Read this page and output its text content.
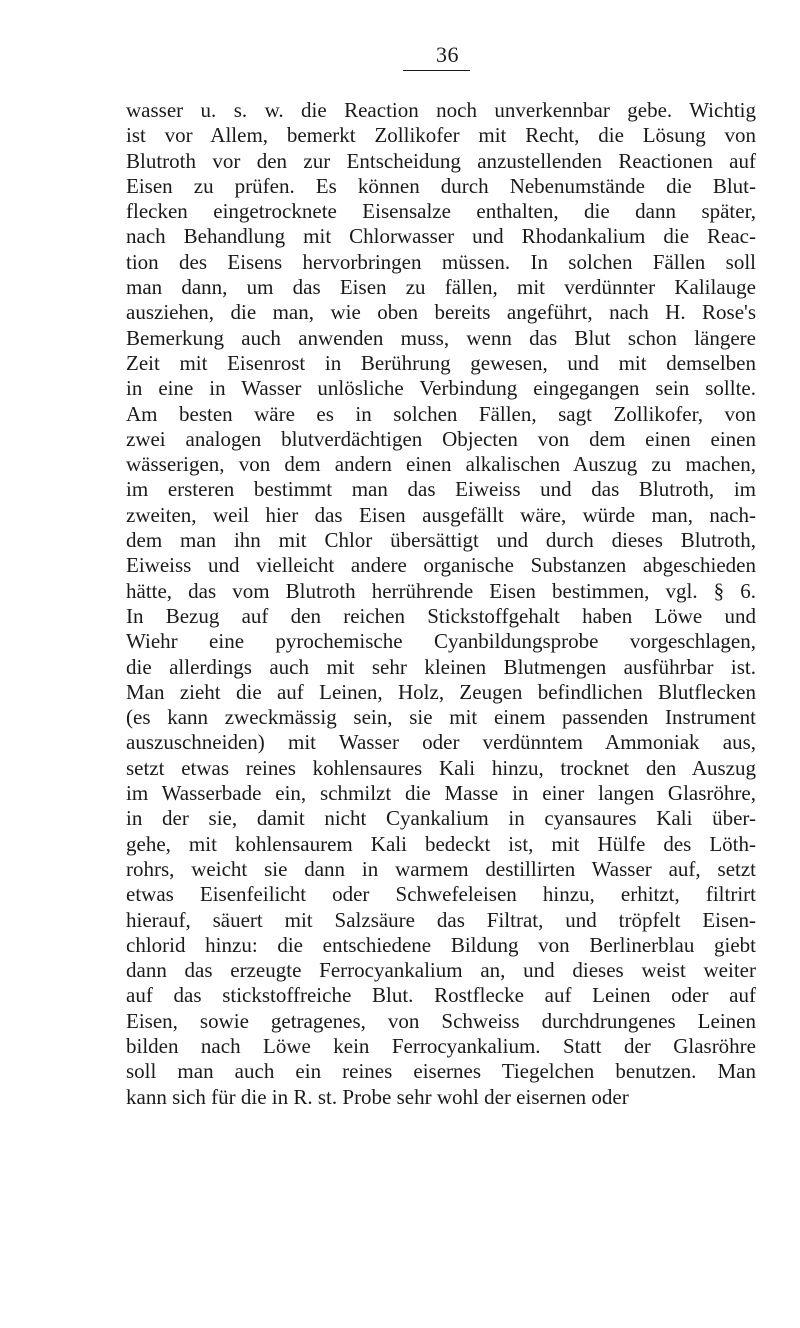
36
wasser u. s. w. die Reaction noch unverkennbar gebe. Wichtig
ist vor Allem, bemerkt Zollikofer mit Recht, die Lösung von
Blutroth vor den zur Entscheidung anzustellenden Reactionen auf
Eisen zu prüfen. Es können durch Nebenumstände die Blut-
flecken eingetrocknete Eisensalze enthalten, die dann später,
nach Behandlung mit Chlorwasser und Rhodankalium die Reac-
tion des Eisens hervorbringen müssen. In solchen Fällen soll
man dann, um das Eisen zu fällen, mit verdünnter Kalilauge
ausziehen, die man, wie oben bereits angeführt, nach H. Rose's
Bemerkung auch anwenden muss, wenn das Blut schon längere
Zeit mit Eisenrost in Berührung gewesen, und mit demselben
in eine in Wasser unlösliche Verbindung eingegangen sein sollte.
Am besten wäre es in solchen Fällen, sagt Zollikofer, von
zwei analogen blutverdächtigen Objecten von dem einen einen
wässerigen, von dem andern einen alkalischen Auszug zu machen,
im ersteren bestimmt man das Eiweiss und das Blutroth, im
zweiten, weil hier das Eisen ausgefällt wäre, würde man, nach-
dem man ihn mit Chlor übersättigt und durch dieses Blutroth,
Eiweiss und vielleicht andere organische Substanzen abgeschieden
hätte, das vom Blutroth herrührende Eisen bestimmen, vgl. § 6.
In Bezug auf den reichen Stickstoffgehalt haben Löwe und
Wiehr eine pyrochemische Cyanbildungsprobe vorgeschlagen,
die allerdings auch mit sehr kleinen Blutmengen ausführbar ist.
Man zieht die auf Leinen, Holz, Zeugen befindlichen Blutflecken
(es kann zweckmässig sein, sie mit einem passenden Instrument
auszuschneiden) mit Wasser oder verdünntem Ammoniak aus,
setzt etwas reines kohlensaures Kali hinzu, trocknet den Auszug
im Wasserbade ein, schmilzt die Masse in einer langen Glasröhre,
in der sie, damit nicht Cyankalium in cyansaures Kali über-
gehe, mit kohlensaurem Kali bedeckt ist, mit Hülfe des Löth-
rohrs, weicht sie dann in warmem destillirten Wasser auf, setzt
etwas Eisenfeilicht oder Schwefeleisen hinzu, erhitzt, filtrirt
hierauf, säuert mit Salzsäure das Filtrat, und tröpfelt Eisen-
chlorid hinzu: die entschiedene Bildung von Berlinerblau giebt
dann das erzeugte Ferrocyankalium an, und dieses weist weiter
auf das stickstoffreiche Blut. Rostflecke auf Leinen oder auf
Eisen, sowie getragenes, von Schweiss durchdrungenes Leinen
bilden nach Löwe kein Ferrocyankalium. Statt der Glasröhre
soll man auch ein reines eisernes Tiegelchen benutzen. Man
kann sich für die in R. st. Probe sehr wohl der eisernen oder
